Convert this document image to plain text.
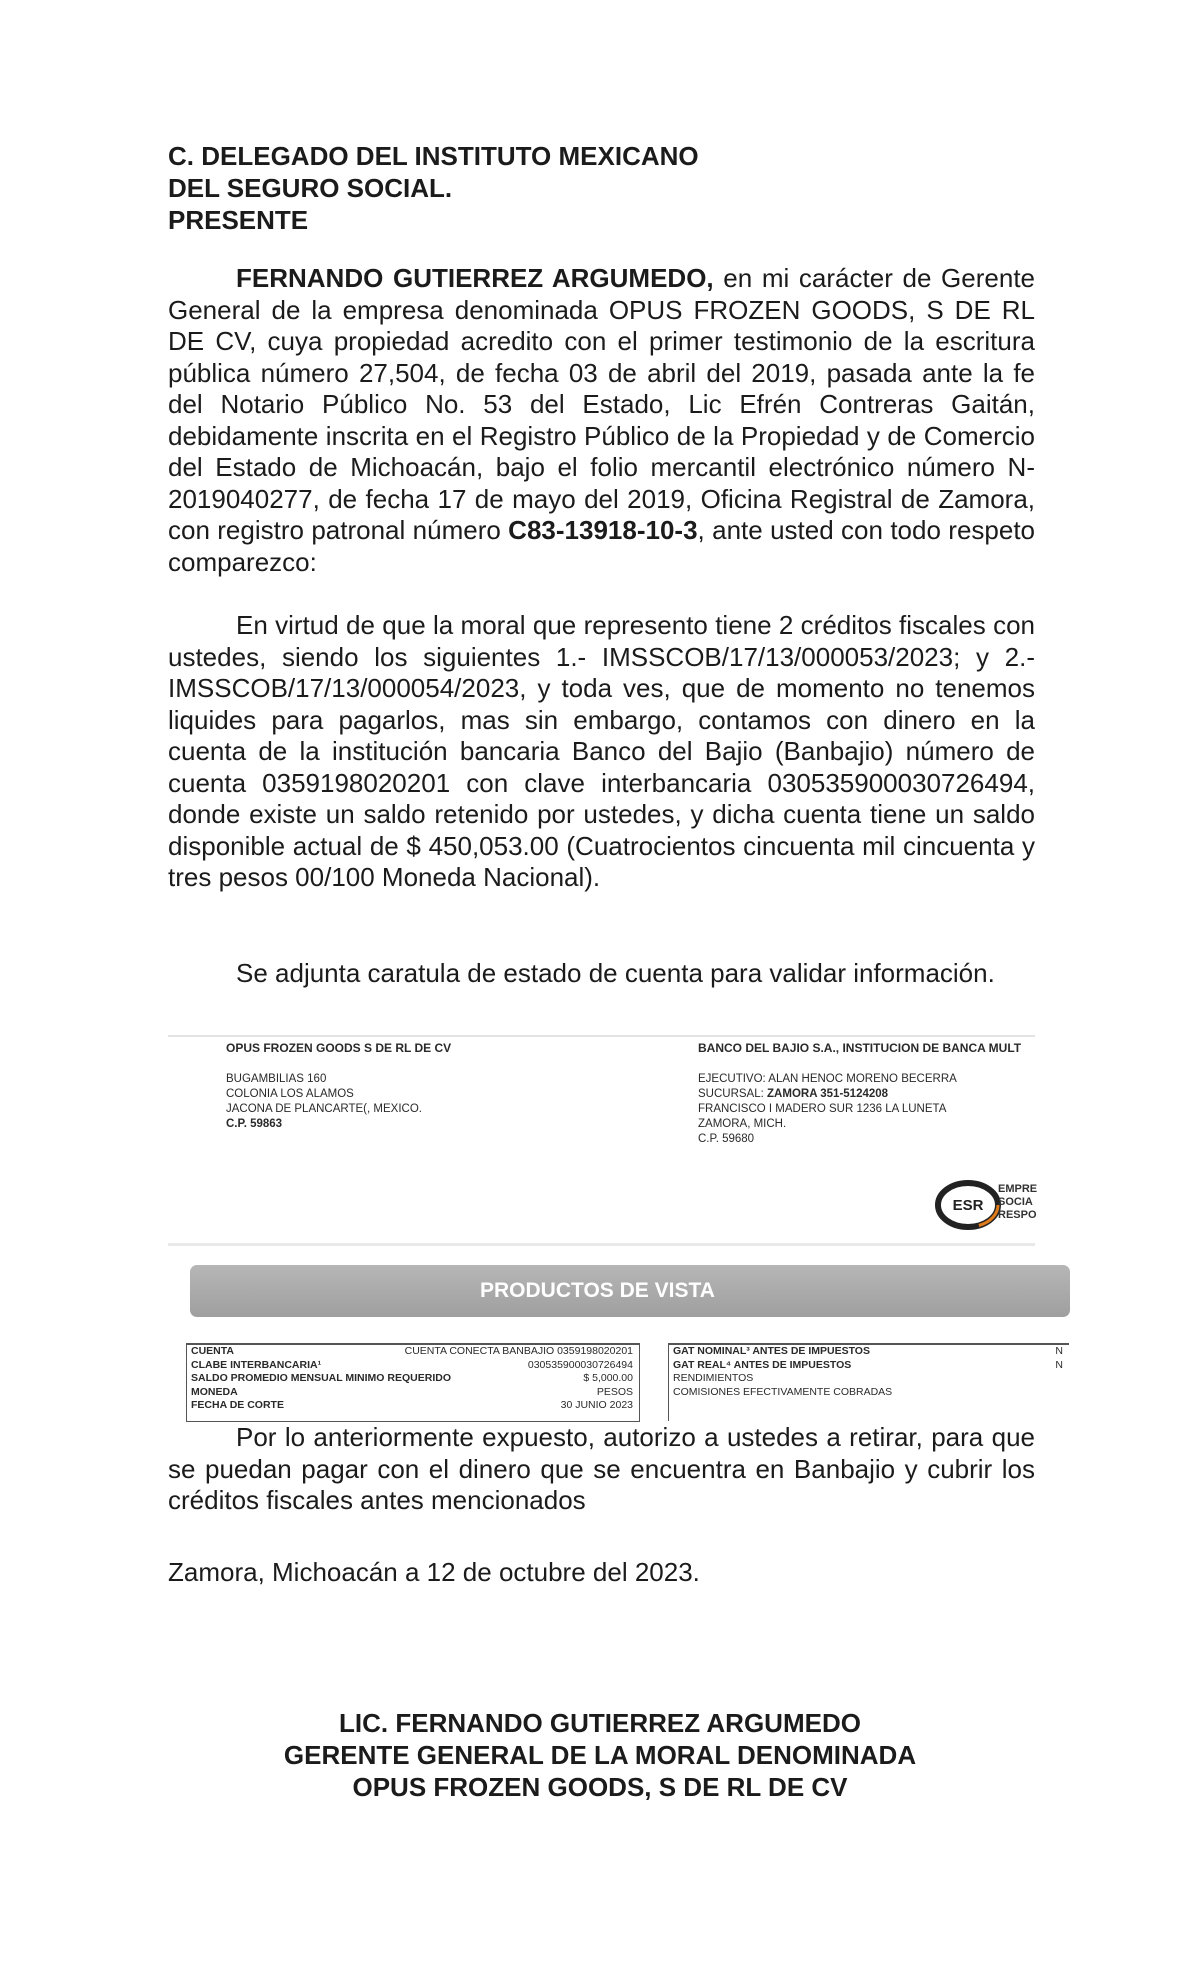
C. DELEGADO DEL INSTITUTO MEXICANO
DEL SEGURO SOCIAL.
PRESENTE
FERNANDO GUTIERREZ ARGUMEDO, en mi carácter de Gerente General de la empresa denominada OPUS FROZEN GOODS, S DE RL DE CV, cuya propiedad acredito con el primer testimonio de la escritura pública número 27,504, de fecha 03 de abril del 2019, pasada ante la fe del Notario Público No. 53 del Estado, Lic Efrén Contreras Gaitán, debidamente inscrita en el Registro Público de la Propiedad y de Comercio del Estado de Michoacán, bajo el folio mercantil electrónico número N-2019040277, de fecha 17 de mayo del 2019, Oficina Registral de Zamora, con registro patronal número C83-13918-10-3, ante usted con todo respeto comparezco:
En virtud de que la moral que represento tiene 2 créditos fiscales con ustedes, siendo los siguientes 1.- IMSSCOB/17/13/000053/2023; y 2.- IMSSCOB/17/13/000054/2023, y toda ves, que de momento no tenemos liquides para pagarlos, mas sin embargo, contamos con dinero en la cuenta de la institución bancaria Banco del Bajio (Banbajio) número de cuenta 0359198020201 con clave interbancaria 030535900030726494, donde existe un saldo retenido por ustedes, y dicha cuenta tiene un saldo disponible actual de $ 450,053.00 (Cuatrocientos cincuenta mil cincuenta y tres pesos 00/100 Moneda Nacional).
Se adjunta caratula de estado de cuenta para validar información.
OPUS FROZEN GOODS S DE RL DE CV
BUGAMBILIAS 160
COLONIA LOS ALAMOS
JACONA DE PLANCARTE(, MEXICO.
C.P. 59863
BANCO DEL BAJIO S.A., INSTITUCION DE BANCA MULT
EJECUTIVO: ALAN HENOC MORENO BECERRA
SUCURSAL: ZAMORA 351-5124208
FRANCISCO I MADERO SUR 1236 LA LUNETA
ZAMORA, MICH.
C.P. 59680
ESR
EMPRE
SOCIA
RESPO
PRODUCTOS DE VISTA
CUENTA	CUENTA CONECTA BANBAJIO 0359198020201
CLABE INTERBANCARIA¹	030535900030726494
SALDO PROMEDIO MENSUAL MINIMO REQUERIDO	$ 5,000.00
MONEDA	PESOS
FECHA DE CORTE	30 JUNIO 2023
GAT NOMINAL³ ANTES DE IMPUESTOS	N
GAT REAL⁴ ANTES DE IMPUESTOS	N
RENDIMIENTOS
COMISIONES EFECTIVAMENTE COBRADAS
Por lo anteriormente expuesto, autorizo a ustedes a retirar, para que se puedan pagar con el dinero que se encuentra en Banbajio y cubrir los créditos fiscales antes mencionados
Zamora, Michoacán a 12 de octubre del 2023.
LIC. FERNANDO GUTIERREZ ARGUMEDO
GERENTE GENERAL DE LA MORAL DENOMINADA
OPUS FROZEN GOODS, S DE RL DE CV
